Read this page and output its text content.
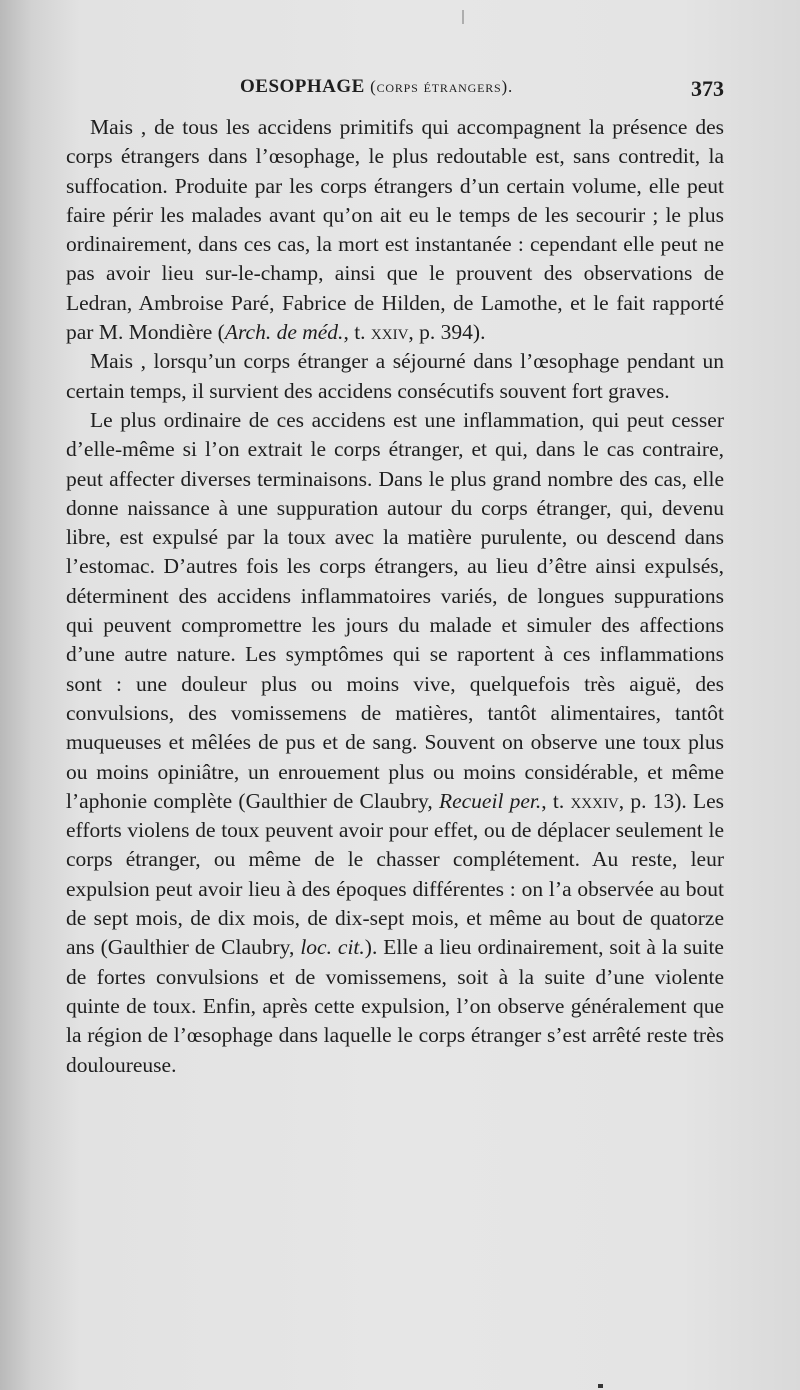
OESOPHAGE (corps étrangers).	373

Mais , de tous les accidens primitifs qui accompagnent la présence des corps étrangers dans l’œsophage, le plus redoutable est, sans contredit, la suffocation. Produite par les corps étrangers d’un certain volume, elle peut faire périr les malades avant qu’on ait eu le temps de les secourir ; le plus ordinairement, dans ces cas, la mort est instantanée : cependant elle peut ne pas avoir lieu sur-le-champ, ainsi que le prouvent des observations de Ledran, Ambroise Paré, Fabrice de Hilden, de Lamothe, et le fait rapporté par M. Mondière (Arch. de méd., t. xxiv, p. 394).

Mais , lorsqu’un corps étranger a séjourné dans l’œsophage pendant un certain temps, il survient des accidens consécutifs souvent fort graves.

Le plus ordinaire de ces accidens est une inflammation, qui peut cesser d’elle-même si l’on extrait le corps étranger, et qui, dans le cas contraire, peut affecter diverses terminaisons. Dans le plus grand nombre des cas, elle donne naissance à une suppuration autour du corps étranger, qui, devenu libre, est expulsé par la toux avec la matière purulente, ou descend dans l’estomac. D’autres fois les corps étrangers, au lieu d’être ainsi expulsés, déterminent des accidens inflammatoires variés, de longues suppurations qui peuvent compromettre les jours du malade et simuler des affections d’une autre nature. Les symptômes qui se raportent à ces inflammations sont : une douleur plus ou moins vive, quelquefois très aiguë, des convulsions, des vomissemens de matières, tantôt alimentaires, tantôt muqueuses et mêlées de pus et de sang. Souvent on observe une toux plus ou moins opiniâtre, un enrouement plus ou moins considérable, et même l’aphonie complète (Gaulthier de Claubry, Recueil per., t. xxxiv, p. 13). Les efforts violens de toux peuvent avoir pour effet, ou de déplacer seulement le corps étranger, ou même de le chasser complétement. Au reste, leur expulsion peut avoir lieu à des époques différentes : on l’a observée au bout de sept mois, de dix mois, de dix-sept mois, et même au bout de quatorze ans (Gaulthier de Claubry, loc. cit.). Elle a lieu ordinairement, soit à la suite de fortes convulsions et de vomissemens, soit à la suite d’une violente quinte de toux. Enfin, après cette expulsion, l’on observe généralement que la région de l’œsophage dans laquelle le corps étranger s’est arrêté reste très douloureuse.
